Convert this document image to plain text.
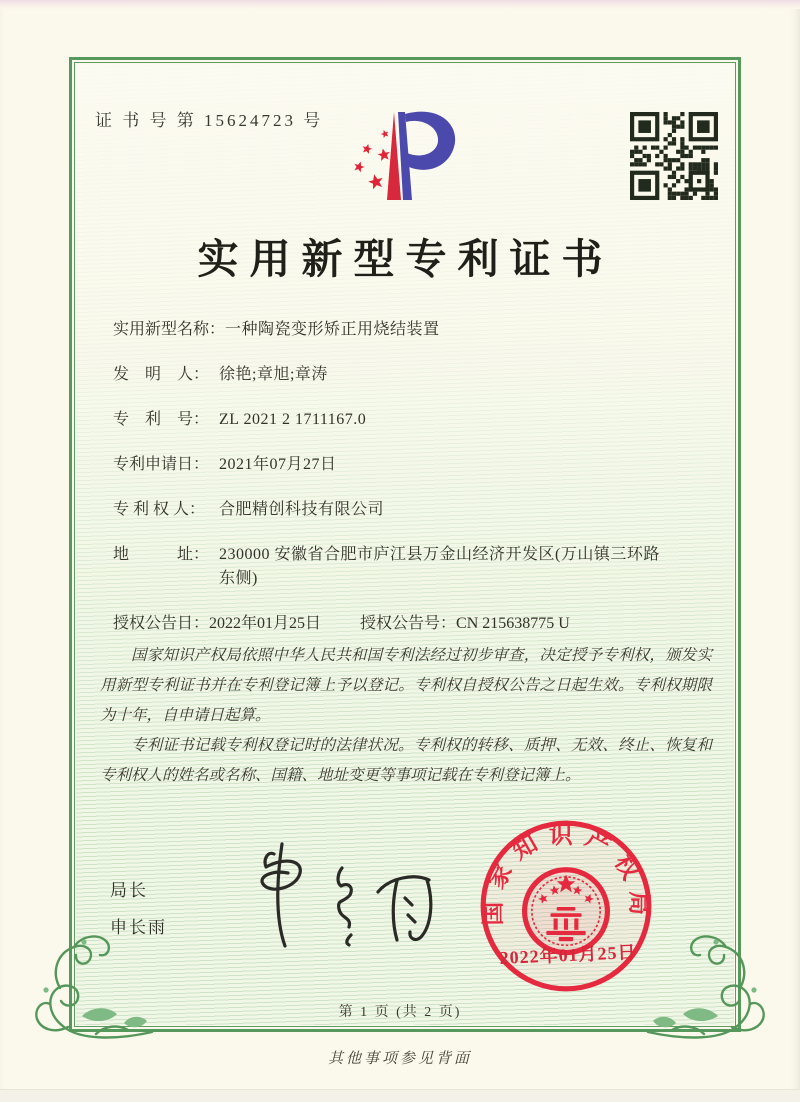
证 书 号 第 15624723 号
实用新型专利证书
实用新型名称： 一种陶瓷变形矫正用烧结装置
发　明　人： 徐艳;章旭;章涛
专　利　号： ZL 2021 2 1711167.0
专利申请日： 2021年07月27日
专 利 权 人： 合肥精创科技有限公司
地　　　址： 230000 安徽省合肥市庐江县万金山经济开发区(万山镇三环路东侧)
授权公告日： 2022年01月25日 授权公告号： CN 215638775 U

国家知识产权局依照中华人民共和国专利法经过初步审查，决定授予专利权，颁发实用新型专利证书并在专利登记簿上予以登记。专利权自授权公告之日起生效。专利权期限为十年，自申请日起算。

专利证书记载专利权登记时的法律状况。专利权的转移、质押、无效、终止、恢复和专利权人的姓名或名称、国籍、地址变更等事项记载在专利登记簿上。

局长
申长雨
国家知识产权局
2022年01月25日
第 1 页 (共 2 页)
其他事项参见背面
